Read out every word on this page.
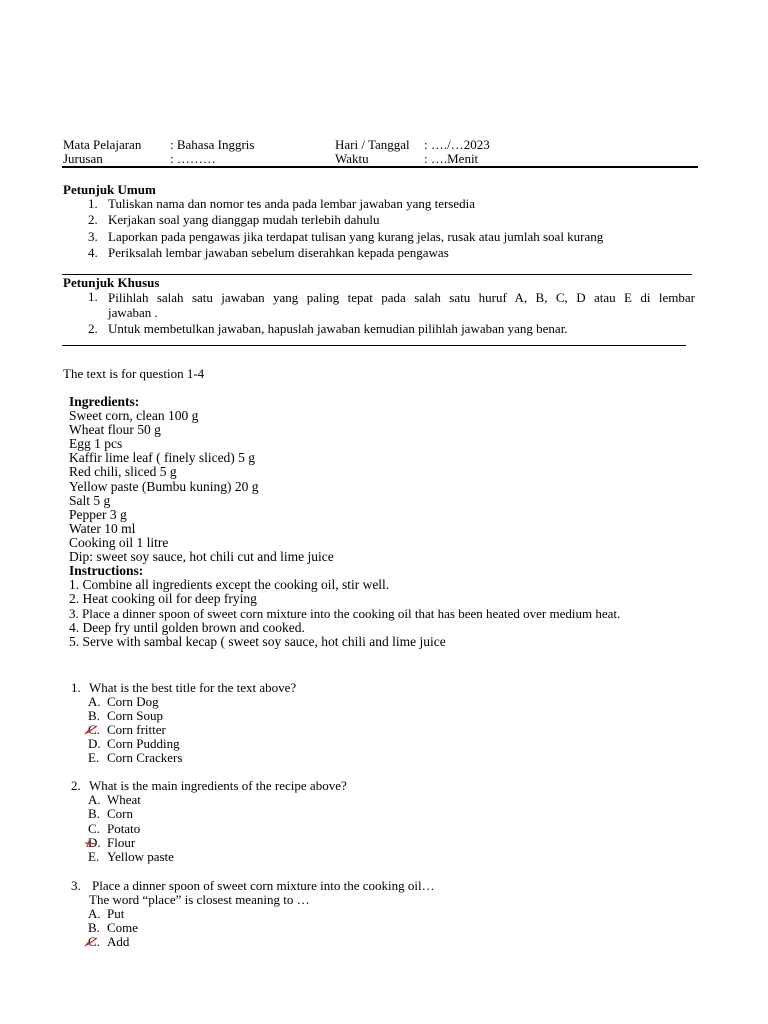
Mata Pelajaran : Bahasa Inggris	Hari / Tanggal : …./…2023
Jurusan	: ………	Waktu	: ….Menit
Petunjuk Umum
1. Tuliskan nama dan nomor tes anda pada lembar jawaban yang tersedia
2. Kerjakan soal yang dianggap mudah terlebih dahulu
3. Laporkan pada pengawas jika terdapat tulisan yang kurang jelas, rusak atau jumlah soal kurang
4. Periksalah lembar jawaban sebelum diserahkan kepada pengawas
Petunjuk Khusus
1. Pilihlah salah satu jawaban yang paling tepat pada salah satu huruf A, B, C, D atau E di lembar
jawaban .
2. Untuk membetulkan jawaban, hapuslah jawaban kemudian pilihlah jawaban yang benar.
The text is for question 1-4
Ingredients:
Sweet corn, clean 100 g
Wheat flour 50 g
Egg 1 pcs
Kaffir lime leaf ( finely sliced) 5 g
Red chili, sliced 5 g
Yellow paste (Bumbu kuning) 20 g
Salt 5 g
Pepper 3 g
Water 10 ml
Cooking oil 1 litre
Dip: sweet soy sauce, hot chili cut and lime juice
Instructions:
1. Combine all ingredients except the cooking oil, stir well.
2. Heat cooking oil for deep frying
3. Place a dinner spoon of sweet corn mixture into the cooking oil that has been heated over medium heat.
4. Deep fry until golden brown and cooked.
5. Serve with sambal kecap ( sweet soy sauce, hot chili and lime juice
1. What is the best title for the text above?
A. Corn Dog
B. Corn Soup
C. Corn fritter
D. Corn Pudding
E. Corn Crackers
2. What is the main ingredients of the recipe above?
A. Wheat
B. Corn
C. Potato
D. Flour
E. Yellow paste
3. Place a dinner spoon of sweet corn mixture into the cooking oil…
The word “place” is closest meaning to …
A. Put
B. Come
C. Add
